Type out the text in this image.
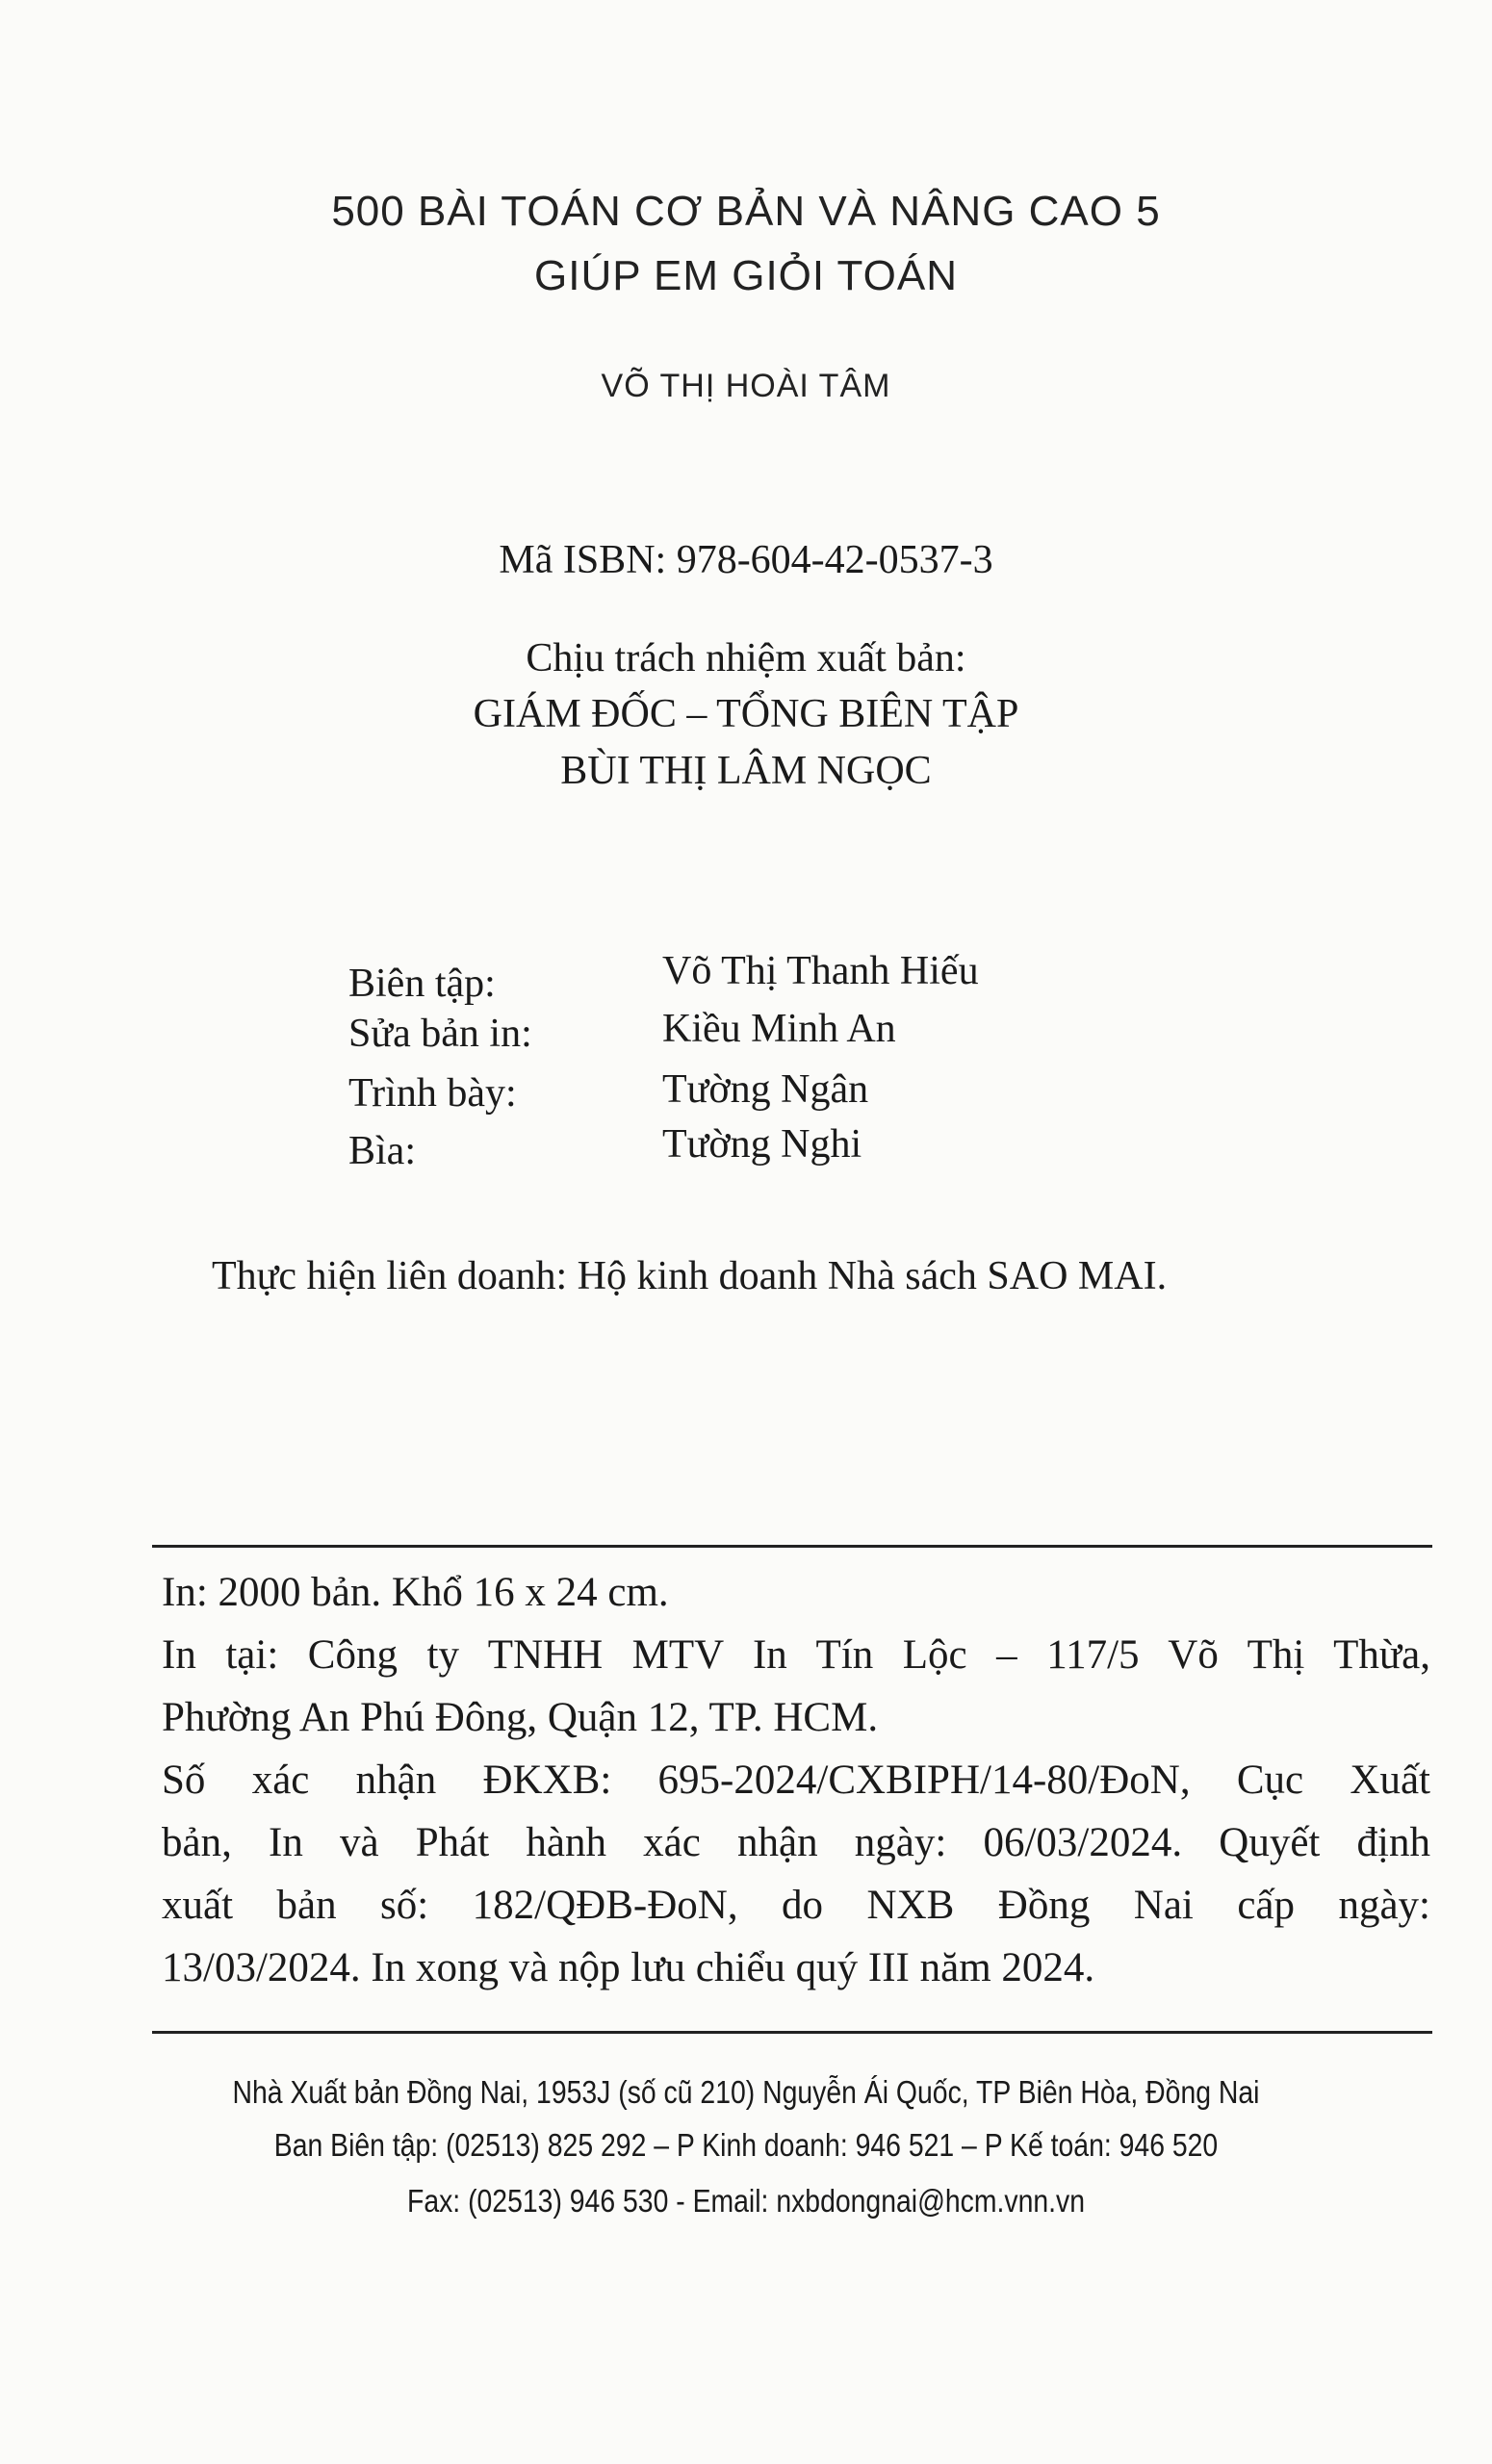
500 BÀI TOÁN CƠ BẢN VÀ NÂNG CAO 5
GIÚP EM GIỎI TOÁN
VÕ THỊ HOÀI TÂM
Mã ISBN: 978-604-42-0537-3
Chịu trách nhiệm xuất bản:
GIÁM ĐỐC – TỔNG BIÊN TẬP
BÙI THỊ LÂM NGỌC
Biên tập:	Võ Thị Thanh Hiếu
Sửa bản in:	Kiều Minh An
Trình bày:	Tường Ngân
Bìa:	Tường Nghi
Thực hiện liên doanh: Hộ kinh doanh Nhà sách SAO MAI.
In: 2000 bản. Khổ 16 x 24 cm.
In tại: Công ty TNHH MTV In Tín Lộc – 117/5 Võ Thị Thừa,
Phường An Phú Đông, Quận 12, TP. HCM.
Số xác nhận ĐKXB: 695-2024/CXBIPH/14-80/ĐoN, Cục Xuất
bản, In và Phát hành xác nhận ngày: 06/03/2024. Quyết định
xuất bản số: 182/QĐB-ĐoN, do NXB Đồng Nai cấp ngày:
13/03/2024. In xong và nộp lưu chiểu quý III năm 2024.
Nhà Xuất bản Đồng Nai, 1953J (số cũ 210) Nguyễn Ái Quốc, TP Biên Hòa, Đồng Nai
Ban Biên tập: (02513) 825 292 – P Kinh doanh: 946 521 – P Kế toán: 946 520
Fax: (02513) 946 530 - Email: nxbdongnai@hcm.vnn.vn
